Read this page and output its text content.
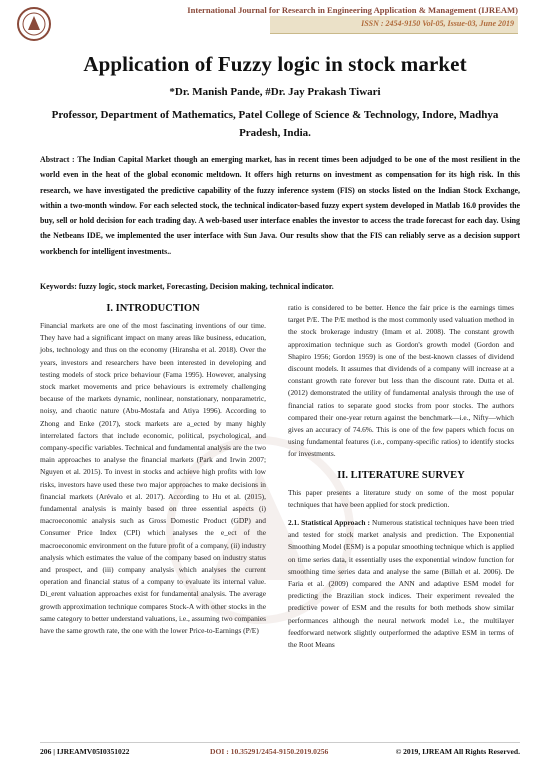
International Journal for Research in Engineering Application & Management (IJREAM)
ISSN : 2454-9150 Vol-05, Issue-03, June 2019
Application of Fuzzy logic in stock market
*Dr. Manish Pande, #Dr. Jay Prakash Tiwari
Professor, Department of Mathematics, Patel College of Science & Technology, Indore, Madhya Pradesh, India.
Abstract : The Indian Capital Market though an emerging market, has in recent times been adjudged to be one of the most resilient in the world even in the heat of the global economic meltdown. It offers high returns on investment as compensation for its high risk. In this research, we have investigated the predictive capability of the fuzzy inference system (FIS) on stocks listed on the Indian Stock Exchange, within a two-month window. For each selected stock, the technical indicator-based fuzzy expert system developed in Matlab 16.0 provides the buy, sell or hold decision for each trading day. A web-based user interface enables the investor to access the trade forecast for each day. Using the Netbeans IDE, we implemented the user interface with Sun Java. Our results show that the FIS can reliably serve as a decision support workbench for intelligent investments..
Keywords: fuzzy logic, stock market, Forecasting, Decision making, technical indicator.
I. INTRODUCTION

Financial markets are one of the most fascinating inventions of our time. They have had a significant impact on many areas like business, education, jobs, technology and thus on the economy (Hiransha et al. 2018). Over the years, investors and researchers have been interested in developing and testing models of stock price behaviour (Fama 1995). However, analysing stock market movements and price behaviours is extremely challenging because of the markets dynamic, nonlinear, nonstationary, nonparametric, noisy, and chaotic nature (Abu-Mostafa and Atiya 1996). According to Zhong and Enke (2017), stock markets are a_ected by many highly interrelated factors that include economic, political, psychological, and company-specific variables. Technical and fundamental analysis are the two main approaches to analyse the financial markets (Park and Irwin 2007; Nguyen et al. 2015). To invest in stocks and achieve high profits with low risks, investors have used these two major approaches to make decisions in financial markets (Arévalo et al. 2017). According to Hu et al. (2015), fundamental analysis is mainly based on three essential aspects (i) macroeconomic analysis such as Gross Domestic Product (GDP) and Consumer Price Index (CPI) which analyses the e_ect of the macroeconomic environment on the future profit of a company, (ii) industry analysis which estimates the value of the company based on industry status and prospect, and (iii) company analysis which analyses the current operation and financial status of a company to evaluate its internal value. Di_erent valuation approaches exist for fundamental analysis. The average growth approximation technique compares Stock-A with other stocks in the same category to better understand valuations, i.e., assuming two companies have the same growth rate, the one with the lower Price-to-Earnings (P/E)

ratio is considered to be better. Hence the fair price is the earnings times target P/E. The P/E method is the most commonly used valuation method in the stock brokerage industry (Imam et al. 2008). The constant growth approximation technique such as Gordon's growth model (Gordon and Shapiro 1956; Gordon 1959) is one of the best-known classes of dividend discount models. It assumes that dividends of a company will increase at a constant growth rate forever but less than the discount rate. Dutta et al. (2012) demonstrated the utility of fundamental analysis through the use of financial ratios to separate good stocks from poor stocks. The authors compared their one-year return against the benchmark—i.e., Nifty—which gives an accuracy of 74.6%. This is one of the few papers which focus on using fundamental features (i.e., company-specific ratios) to identify stocks for investments.

II. LITERATURE SURVEY

This paper presents a literature study on some of the most popular techniques that have been applied for stock prediction.

2.1. Statistical Approach : Numerous statistical techniques have been tried and tested for stock market analysis and prediction. The Exponential Smoothing Model (ESM) is a popular smoothing technique which is applied on time series data, it essentially uses the exponential window function for smoothing time series data and analyse the same (Billah et al. 2006). De Faria et al. (2009) compared the ANN and adaptive ESM model for predicting the Brazilian stock indices. Their experiment revealed the predictive power of ESM and the results for both methods show similar performances although the neural network model i.e., the multilayer feedforward network slightly outperformed the adaptive ESM in terms of the Root Means

206 | IJREAMV05I0351022	DOI : 10.35291/2454-9150.2019.0256	© 2019, IJREAM All Rights Reserved.
